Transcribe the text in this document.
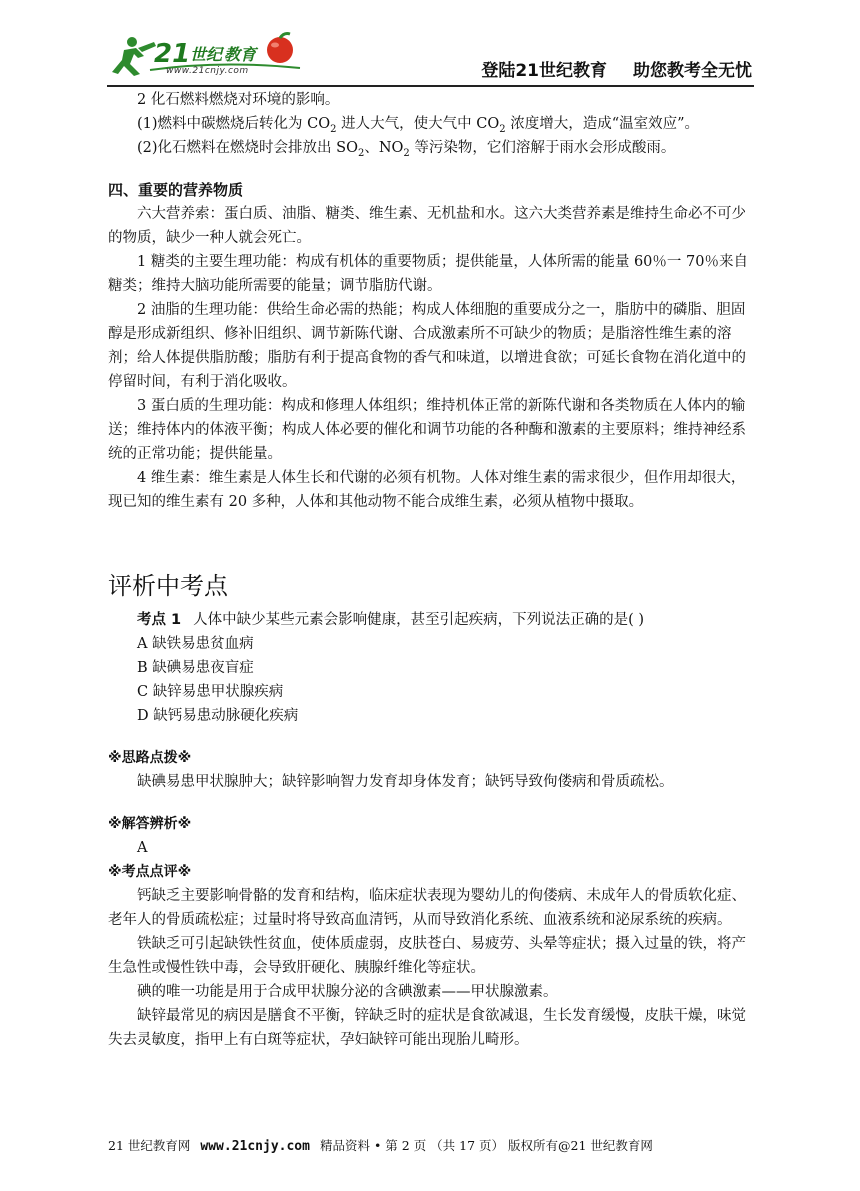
21 世纪 教育
www.21cnjy.com	登陆21世纪教育 助您教考全无忧

2 化石燃料燃烧对环境的影响。

(1)燃料中碳燃烧后转化为 $CO_2$ 进人大气，使大气中 $CO_2$ 浓度增大，造成“温室效应”。

(2)化石燃料在燃烧时会排放出 $SO_2$、$NO_2$ 等污染物，它们溶解于雨水会形成酸雨。

四、重要的营养物质

六大营养索：蛋白质、油脂、糖类、维生素、无机盐和水。这六大类营养素是维持生命必不可少的物质，缺少一种人就会死亡。

1 糖类的主要生理功能：构成有机体的重要物质；提供能量，人体所需的能量 60％一 70％来自糖类；维持大脑功能所需要的能量；调节脂肪代谢。

2 油脂的生理功能：供给生命必需的热能；构成人体细胞的重要成分之一，脂肪中的磷脂、胆固醇是形成新组织、修补旧组织、调节新陈代谢、合成激素所不可缺少的物质；是脂溶性维生素的溶剂；给人体提供脂肪酸；脂肪有利于提高食物的香气和味道，以增进食欲；可延长食物在消化道中的停留时间，有利于消化吸收。

3 蛋白质的生理功能：构成和修理人体组织；维持机体正常的新陈代谢和各类物质在人体内的输送；维持体内的体液平衡；构成人体必要的催化和调节功能的各种酶和激素的主要原料；维持神经系统的正常功能；提供能量。

4 维生素：维生素是人体生长和代谢的必须有机物。人体对维生素的需求很少，但作用却很大，现已知的维生素有 20 多种，人体和其他动物不能合成维生素，必须从植物中摄取。

评析中考点

考点 1 人体中缺少某些元素会影响健康，甚至引起疾病，下列说法正确的是( )

A 缺铁易患贫血病

B 缺碘易患夜盲症

C 缺锌易患甲状腺疾病

D 缺钙易患动脉硬化疾病

※思路点拨※

缺碘易患甲状腺肿大；缺锌影响智力发育却身体发育；缺钙导致佝偻病和骨质疏松。

※解答辨析※

A

※考点点评※

钙缺乏主要影响骨骼的发育和结构，临床症状表现为婴幼儿的佝偻病、未成年人的骨质软化症、老年人的骨质疏松症；过量时将导致高血清钙，从而导致消化系统、血液系统和泌尿系统的疾病。

铁缺乏可引起缺铁性贫血，使体质虚弱，皮肤苍白、易疲劳、头晕等症状；摄入过量的铁，将产生急性或慢性铁中毒，会导致肝硬化、胰腺纤维化等症状。

碘的唯一功能是用于合成甲状腺分泌的含碘激素——甲状腺激素。

缺锌最常见的病因是膳食不平衡，锌缺乏时的症状是食欲减退，生长发育缓慢，皮肤干燥，味觉失去灵敏度，指甲上有白斑等症状，孕妇缺锌可能出现胎儿畸形。

21 世纪教育网 www.21cnjy.com 精品资料 • 第 2 页 （共 17 页） 版权所有@21 世纪教育网
